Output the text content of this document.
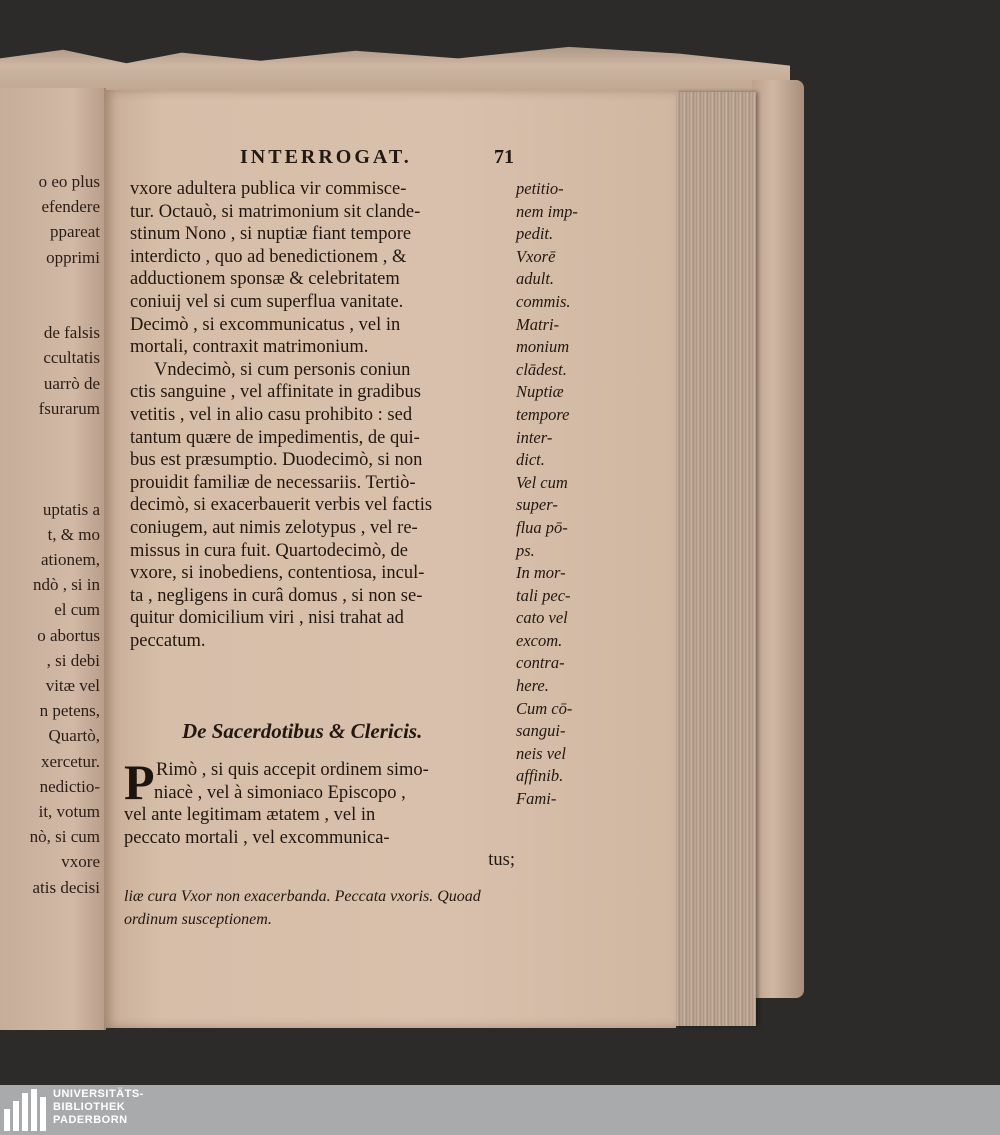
o eo plus
efendere
ppareat
opprimi
de falsis
ccultatis
uarrò de
fsurarum
uptatis a
t, & mo
ationem,
ndò , si in
el cum
o abortus
, si debi
vitæ vel
n petens,
Quartò,
xercetur.
nedictio-
it, votum
nò, si cum
vxore
atis decisi
INTERROGAT.	71
vxore adultera publica vir commisce-
tur. Octauò, si matrimonium sit clande-
stinum Nono , si nuptiæ fiant tempore
interdicto , quo ad benedictionem , &
adductionem sponsæ & celebritatem
coniuij vel si cum superflua vanitate.
Decimò , si excommunicatus , vel in
mortali, contraxit matrimonium.
Vndecimò, si cum personis coniun
ctis sanguine , vel affinitate in gradibus
vetitis , vel in alio casu prohibito : sed
tantum quære de impedimentis, de qui-
bus est præsumptio. Duodecimò, si non
prouidit familiæ de necessariis. Tertiò-
decimò, si exacerbauerit verbis vel factis
coniugem, aut nimis zelotypus , vel re-
missus in cura fuit. Quartodecimò, de
vxore, si inobediens, contentiosa, incul-
ta , negligens in curâ domus , si non se-
quitur domicilium viri , nisi trahat ad
peccatum.
petitio-
nem imp-
pedit.
Vxorē
adult.
commis.
Matri-
monium
clādest.
Nuptiæ
tempore
inter-
dict.
Vel cum
super-
flua pō-
ps.
In mor-
tali pec-
cato vel
excom.
contra-
here.
Cum cō-
sangui-
neis vel
affinib.
Fami-
De Sacerdotibus & Clericis.
P Rimò , si quis accepit ordinem simo-
niacè , vel à simoniaco Episcopo ,
vel ante legitimam ætatem , vel in
peccato mortali , vel excommunica-
tus;
liæ cura Vxor non exacerbanda. Peccata vxoris. Quoad
ordinum susceptionem.
UNIVERSITÄTS-
BIBLIOTHEK
PADERBORN
